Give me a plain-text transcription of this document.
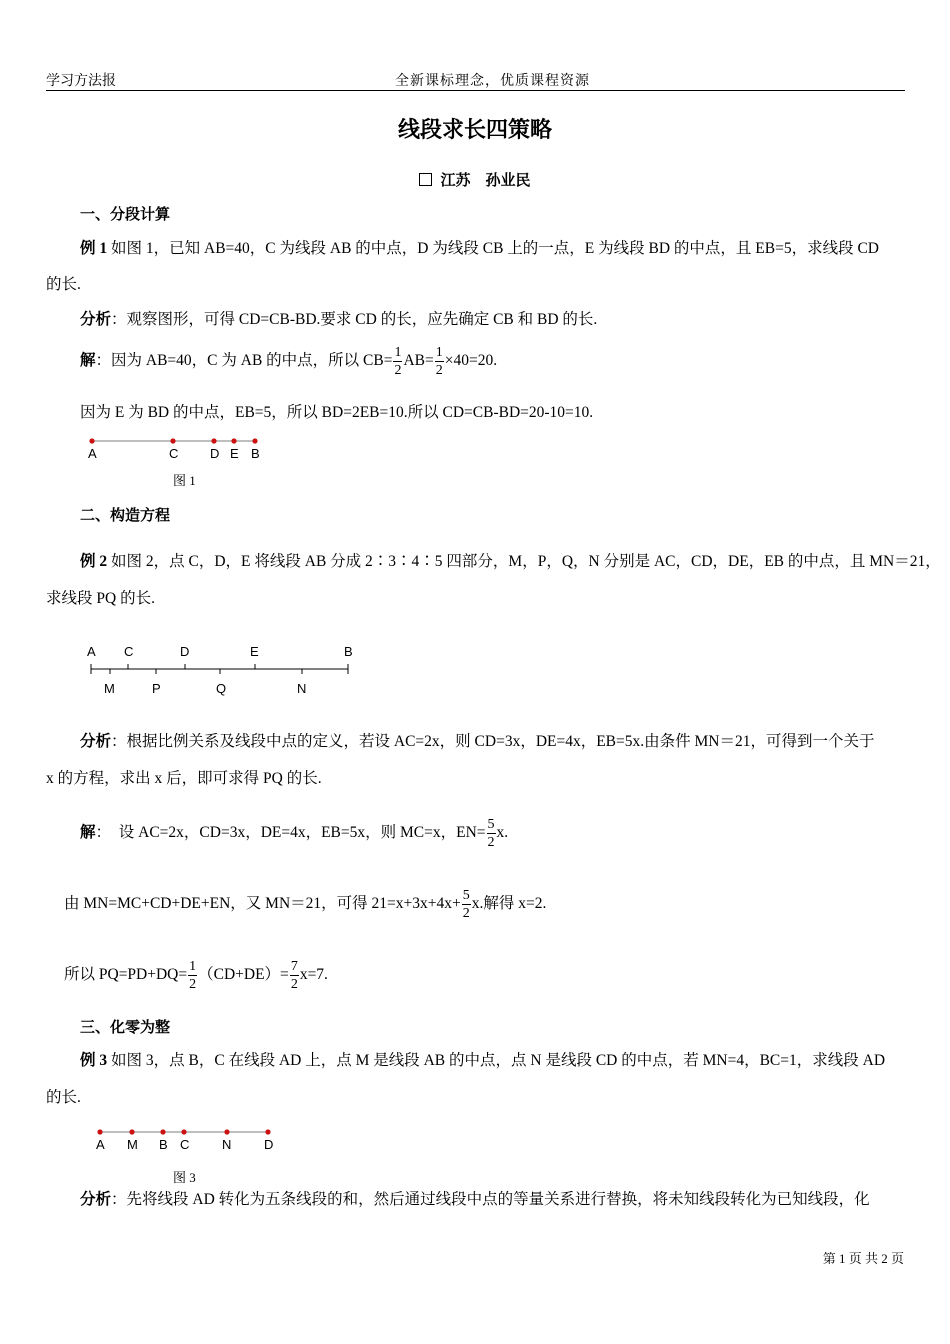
学习方法报	全新课标理念，优质课程资源
线段求长四策略
江苏　孙业民
一、分段计算
例 1 如图 1，已知 AB=40，C 为线段 AB 的中点，D 为线段 CB 上的一点，E 为线段 BD 的中点，且 EB=5，求线段 CD
的长.
分析：观察图形，可得 CD=CB-BD.要求 CD 的长，应先确定 CB 和 BD 的长.
解：因为 AB=40，C 为 AB 的中点，所以 $CB= \frac{1}{2} AB= \frac{1}{2} \times 40=20$.
因为 E 为 BD 的中点，EB=5，所以 BD=2EB=10.所以 CD=CB-BD=20-10=10.
A	C D E B
图 1
二、构造方程
例 2 如图 2，点 C，D，E 将线段 AB 分成 2∶3∶4∶5 四部分，M，P，Q，N 分别是 AC，CD，DE，EB 的中点，且 MN＝21，
求线段 PQ 的长.
A C	D	E	B
M	P	Q	N
分析：根据比例关系及线段中点的定义，若设 AC=2x，则 CD=3x，DE=4x，EB=5x.由条件 MN＝21，可得到一个关于
x 的方程，求出 x 后，即可求得 PQ 的长.
解：　设 AC=2x，CD=3x，DE=4x，EB=5x，则 MC=x，$EN= \frac{5}{2} x$.
由 MN=MC+CD+DE+EN，又 MN＝21，可得 $21=x+3x+4x+ \frac{5}{2} x$.解得 x=2.
所以 $PQ=PD+DQ= \frac{1}{2} (CD+DE)= \frac{7}{2} x=7$.
三、化零为整
例 3 如图 3，点 B，C 在线段 AD 上，点 M 是线段 AB 的中点，点 N 是线段 CD 的中点，若 MN=4，BC=1，求线段 AD
的长.
A M B C	N	D
图 3
分析：先将线段 AD 转化为五条线段的和，然后通过线段中点的等量关系进行替换，将未知线段转化为已知线段，化
第 1 页 共 2 页
